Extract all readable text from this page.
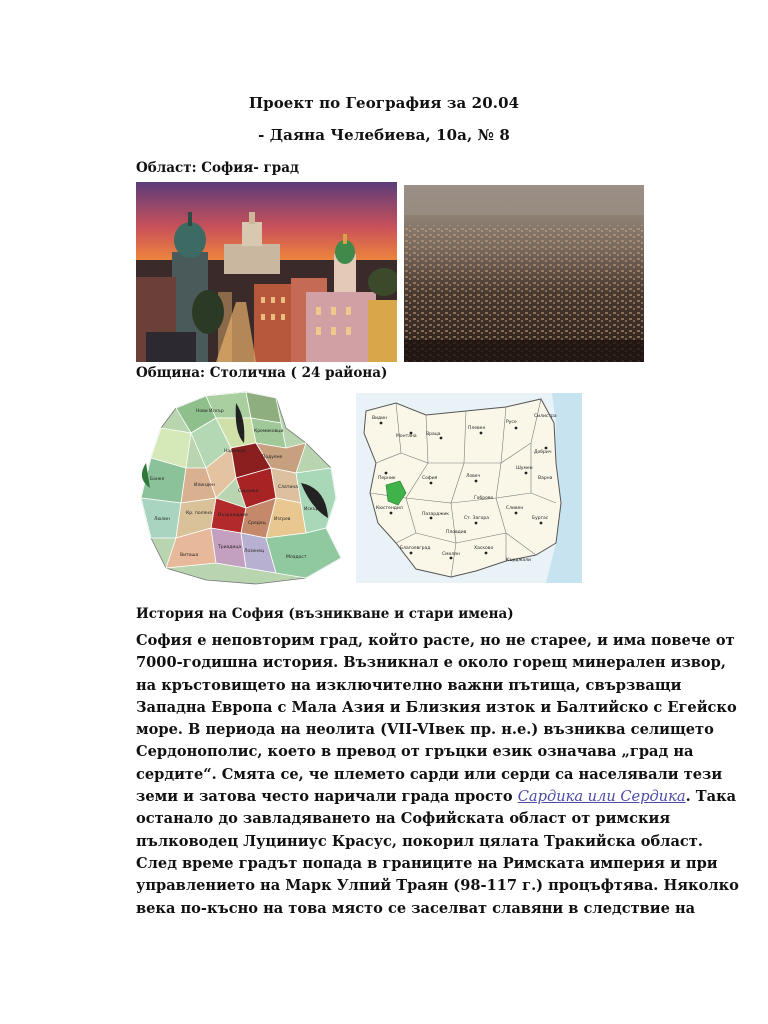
Проект по География за 20.04
- Даяна Челебиева, 10а, № 8
Област: София- град
Община: Столична ( 24 района)
Нови Искър
Надежда
Илинден
Банкя
Люлин
Сердика
Възраждане
Средец
Слатина
Изгрев
Лозенец
Младост
Триадица
Витоша
Кр. поляна
Искър
Кремиковци
Подуяне
Видин
Монтана Враца
Плевен
Русе
Силистра
Добрич
Шумен
Варна
Перник	София	Ловеч
Габрово
Сливен
Бургас
Пазарджик
Ст. Загора
Хасково
Смолян
Благоевград
Кюстендил
Кърджали
Пловдив
История на София (възникване и стари имена)
София е неповторим град, който расте, но не старее, и има повече от
7000-годишна история. Възникнал е около горещ минерален извор,
на кръстовището на изключително важни пътища, свързващи
Западна Европа с Мала Азия и Близкия изток и Балтийско с Егейско
море. В периода на неолита (VII-VIвек пр. н.е.) възниква селището
Сердонополис, което в превод от гръцки език означава „град на
сердите“. Смята се, че племето сарди или серди са населявали тези
земи и затова често наричали града просто Сардика или Сердика. Така
останало до завладяването на Софийската област от римския
пълководец Луциниус Красус, покорил цялата Тракийска област.
След време градът попада в границите на Римската империя и при
управлението на Марк Улпий Траян (98-117 г.) процъфтява. Няколко
века по-късно на това място се заселват славяни в следствие на
